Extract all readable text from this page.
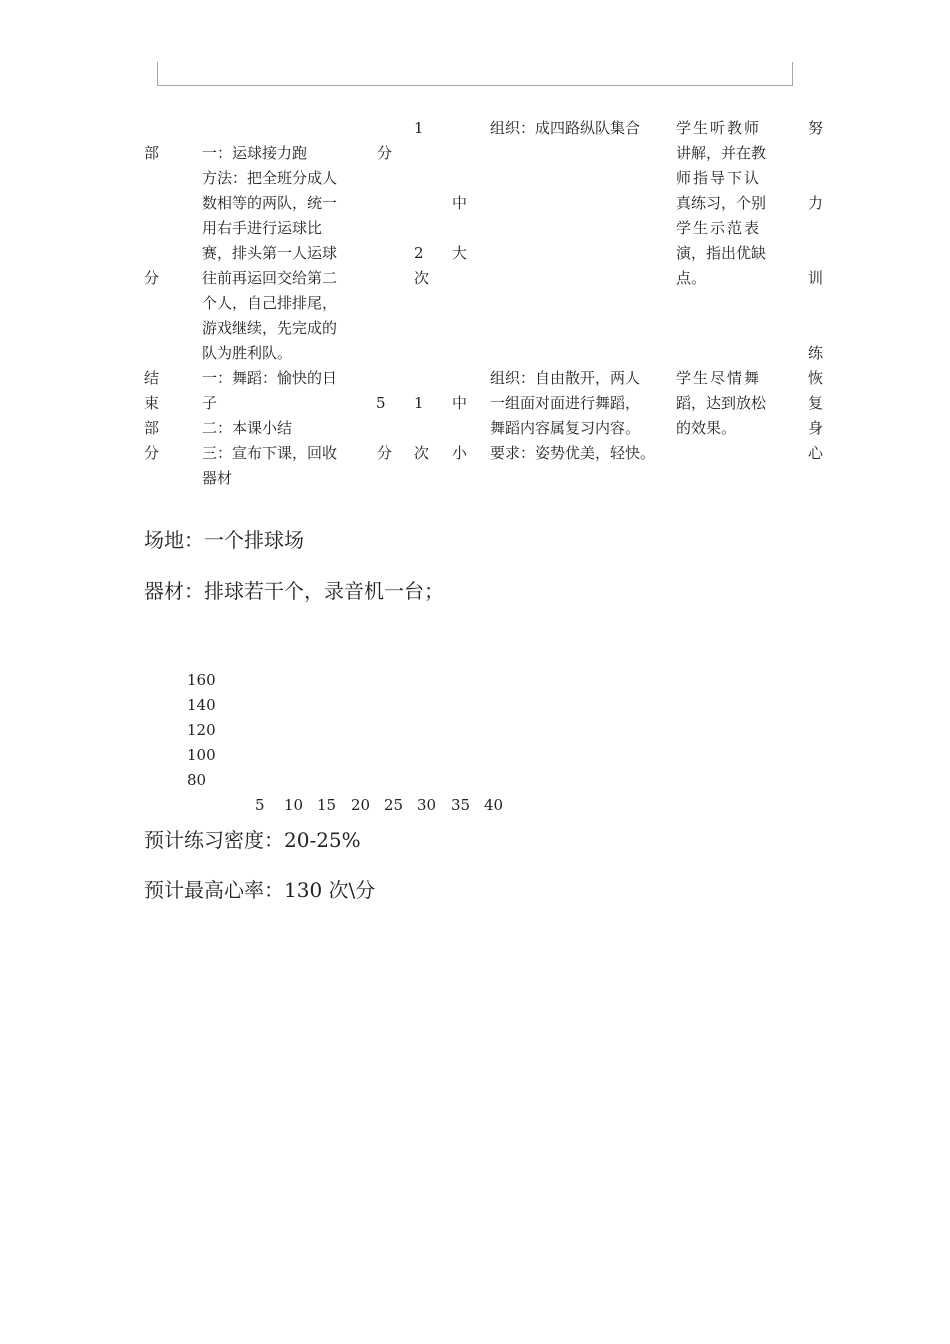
部
分
一：运球接力跑
方法：把全班分成人
数相等的两队，统一
用右手进行运球比
赛，排头第一人运球
往前再运回交给第二
个人，自己排排尾，
游戏继续，先完成的
队为胜利队。
分
1
2
次
中
大
组织：成四路纵队集合 学生听教师
讲解，并在教
师指导下认
真练习，个别
学生示范表
演，指出优缺
点。
努
力
训
练
结
束
部
分
一：舞蹈：愉快的日
子
二：本课小结
三：宣布下课，回收
器材
5
分
1
次
中
小
组织：自由散开，两人
一组面对面进行舞蹈，
舞蹈内容属复习内容。
要求：姿势优美，轻快。
学生尽情舞
蹈，达到放松
的效果。
恢
复
身
心
场地：一个排球场
器材：排球若干个，录音机一台；
160
140
120
100
80
5 10 15 20 25 30 35 40
预计练习密度：20-25%
预计最高心率：130 次\分
